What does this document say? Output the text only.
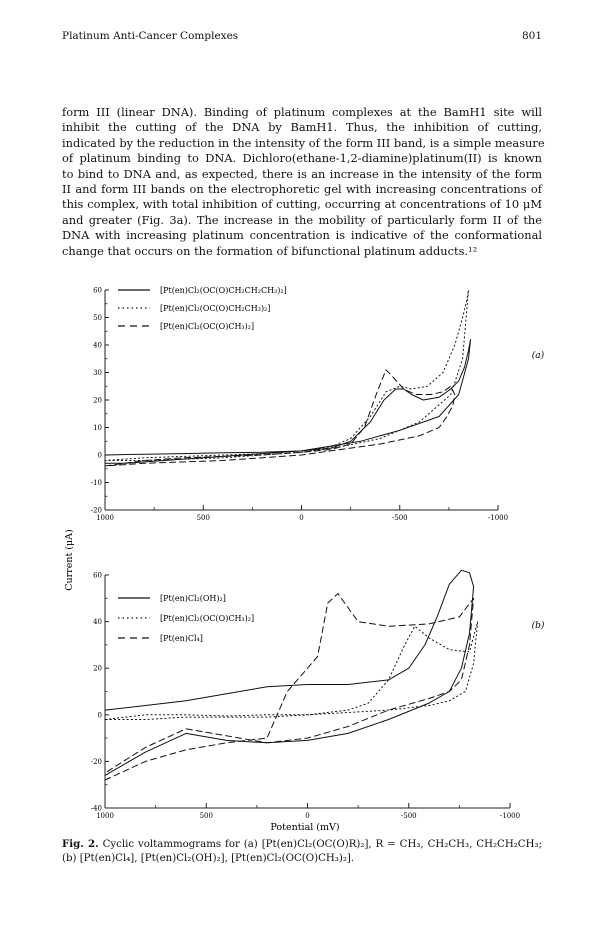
Platinum Anti-Cancer Complexes	801
form III (linear DNA). Binding of platinum complexes at the BamH1 site will
inhibit the cutting of the DNA by BamH1. Thus, the inhibition of cutting,
indicated by the reduction in the intensity of the form III band, is a simple measure
of platinum binding to DNA. Dichloro(ethane-1,2-diamine)platinum(II) is known
to bind to DNA and, as expected, there is an increase in the intensity of the form
II and form III bands on the electrophoretic gel with increasing concentrations of
this complex, with total inhibition of cutting, occurring at concentrations of 10 μM
and greater (Fig. 3a). The increase in the mobility of particularly form II of the
DNA with increasing platinum concentration is indicative of the conformational
change that occurs on the formation of bifunctional platinum adducts.¹²
Current (μA)
Potential (mV)
-20
-10
0
10
20
30
40
50
60
1000	500	0	-500	-1000
[Pt(en)Cl₂(OC(O)CH₂CH₂CH₃)₂]
[Pt(en)Cl₂(OC(O)CH₂CH₃)₂]
[Pt(en)Cl₂(OC(O)CH₃)₂]
(a)
-40
-20
0
20
40
60
1000	500	0	-500	-1000
[Pt(en)Cl₂(OH)₂]
[Pt(en)Cl₂(OC(O)CH₃)₂]
[Pt(en)Cl₄]
(b)
Fig. 2. Cyclic voltammograms for (a) [Pt(en)Cl₂(OC(O)R)₂], R = CH₃, CH₂CH₃, CH₂CH₂CH₃;
(b) [Pt(en)Cl₄], [Pt(en)Cl₂(OH)₂], [Pt(en)Cl₂(OC(O)CH₃)₂].
